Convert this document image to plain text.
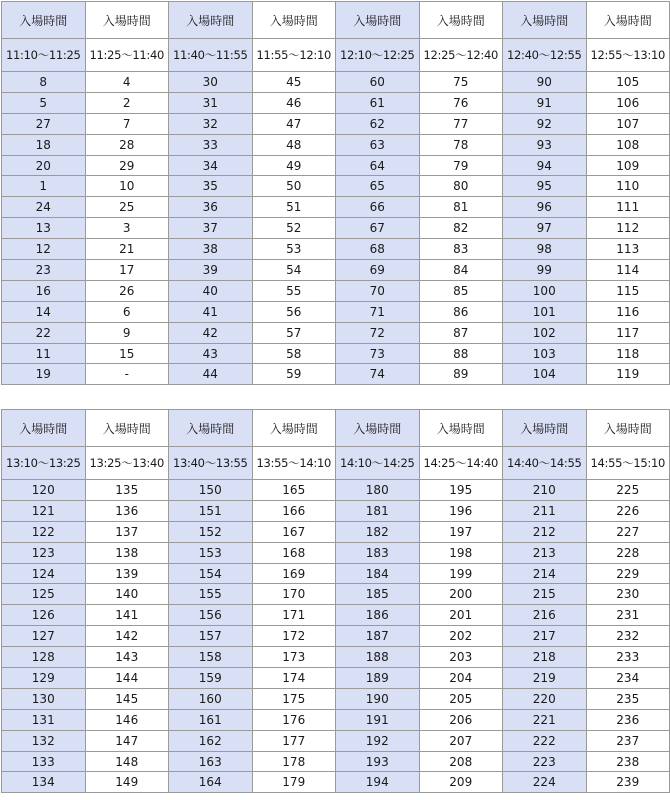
入場時間	入場時間	入場時間	入場時間	入場時間	入場時間	入場時間	入場時間
11:10～11:25	11:25～11:40	11:40～11:55	11:55～12:10	12:10～12:25	12:25～12:40	12:40～12:55	12:55～13:10
8	4	30	45	60	75	90	105
5	2	31	46	61	76	91	106
27	7	32	47	62	77	92	107
18	28	33	48	63	78	93	108
20	29	34	49	64	79	94	109
1	10	35	50	65	80	95	110
24	25	36	51	66	81	96	111
13	3	37	52	67	82	97	112
12	21	38	53	68	83	98	113
23	17	39	54	69	84	99	114
16	26	40	55	70	85	100	115
14	6	41	56	71	86	101	116
22	9	42	57	72	87	102	117
11	15	43	58	73	88	103	118
19	-	44	59	74	89	104	119
入場時間	入場時間	入場時間	入場時間	入場時間	入場時間	入場時間	入場時間
13:10～13:25	13:25～13:40	13:40～13:55	13:55～14:10	14:10～14:25	14:25～14:40	14:40～14:55	14:55～15:10
120	135	150	165	180	195	210	225
121	136	151	166	181	196	211	226
122	137	152	167	182	197	212	227
123	138	153	168	183	198	213	228
124	139	154	169	184	199	214	229
125	140	155	170	185	200	215	230
126	141	156	171	186	201	216	231
127	142	157	172	187	202	217	232
128	143	158	173	188	203	218	233
129	144	159	174	189	204	219	234
130	145	160	175	190	205	220	235
131	146	161	176	191	206	221	236
132	147	162	177	192	207	222	237
133	148	163	178	193	208	223	238
134	149	164	179	194	209	224	239
